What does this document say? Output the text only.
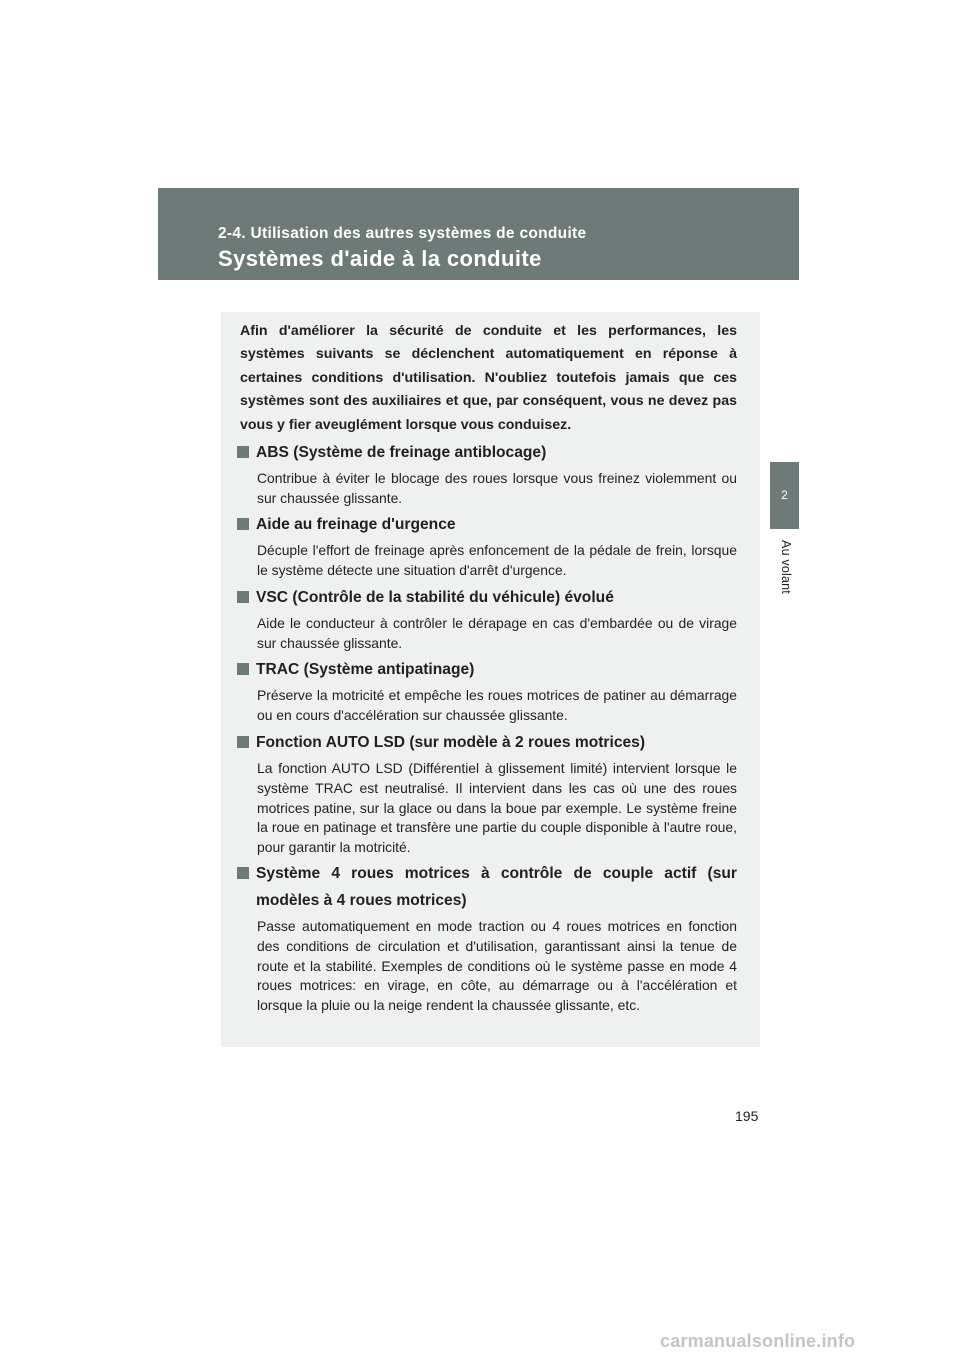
2-4. Utilisation des autres systèmes de conduite
Systèmes d'aide à la conduite
2
Au volant
Afin d'améliorer la sécurité de conduite et les performances, les systèmes suivants se déclenchent automatiquement en réponse à certaines conditions d'utilisation. N'oubliez toutefois jamais que ces systèmes sont des auxiliaires et que, par conséquent, vous ne devez pas vous y fier aveuglément lorsque vous conduisez.
ABS (Système de freinage antiblocage)
Contribue à éviter le blocage des roues lorsque vous freinez violemment ou sur chaussée glissante.
Aide au freinage d'urgence
Décuple l'effort de freinage après enfoncement de la pédale de frein, lorsque le système détecte une situation d'arrêt d'urgence.
VSC (Contrôle de la stabilité du véhicule) évolué
Aide le conducteur à contrôler le dérapage en cas d'embardée ou de virage sur chaussée glissante.
TRAC (Système antipatinage)
Préserve la motricité et empêche les roues motrices de patiner au démarrage ou en cours d'accélération sur chaussée glissante.
Fonction AUTO LSD (sur modèle à 2 roues motrices)
La fonction AUTO LSD (Différentiel à glissement limité) intervient lorsque le système TRAC est neutralisé. Il intervient dans les cas où une des roues motrices patine, sur la glace ou dans la boue par exemple. Le système freine la roue en patinage et transfère une partie du couple disponible à l'autre roue, pour garantir la motricité.
Système 4 roues motrices à contrôle de couple actif (sur modèles à 4 roues motrices)
Passe automatiquement en mode traction ou 4 roues motrices en fonction des conditions de circulation et d'utilisation, garantissant ainsi la tenue de route et la stabilité. Exemples de conditions où le système passe en mode 4 roues motrices: en virage, en côte, au démarrage ou à l'accélération et lorsque la pluie ou la neige rendent la chaussée glissante, etc.
195
carmanualsonline.info
